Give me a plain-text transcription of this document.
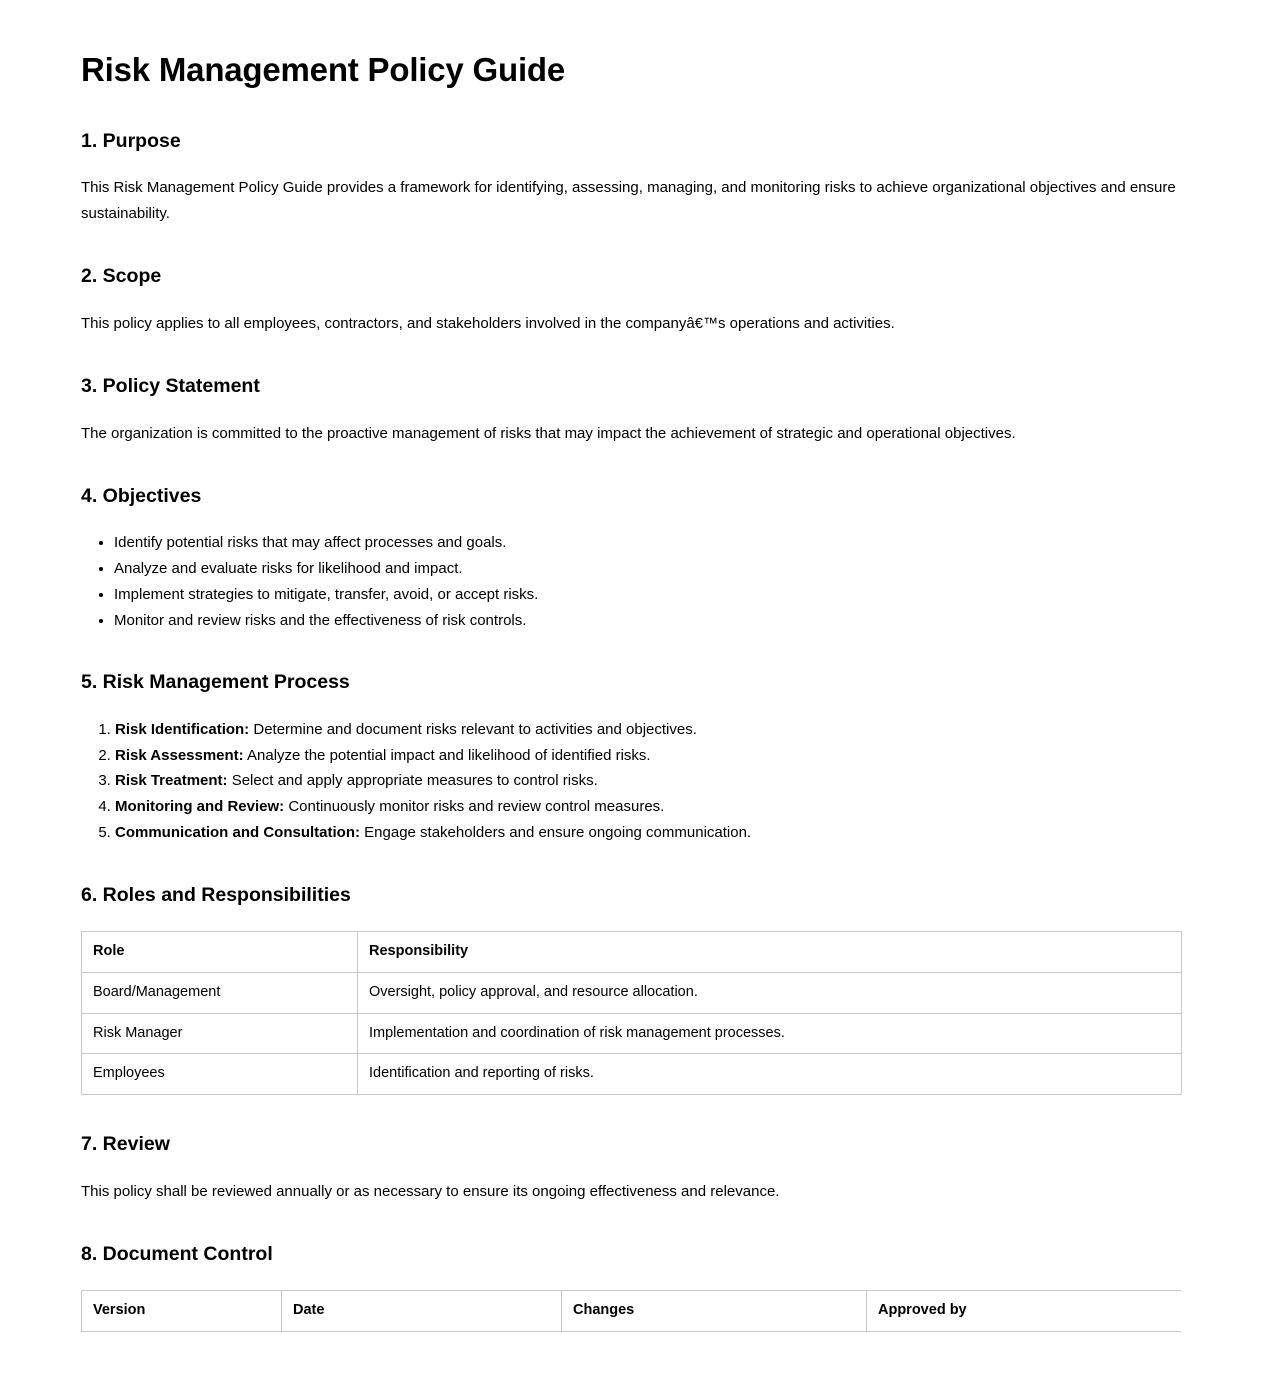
Risk Management Policy Guide
1. Purpose

This Risk Management Policy Guide provides a framework for identifying, assessing, managing, and monitoring risks to achieve organizational objectives and ensure sustainability.

2. Scope

This policy applies to all employees, contractors, and stakeholders involved in the companyâ€™s operations and activities.

3. Policy Statement

The organization is committed to the proactive management of risks that may impact the achievement of strategic and operational objectives.

4. Objectives
• Identify potential risks that may affect processes and goals.
• Analyze and evaluate risks for likelihood and impact.
• Implement strategies to mitigate, transfer, avoid, or accept risks.
• Monitor and review risks and the effectiveness of risk controls.
5. Risk Management Process
1. Risk Identification: Determine and document risks relevant to activities and objectives.
2. Risk Assessment: Analyze the potential impact and likelihood of identified risks.
3. Risk Treatment: Select and apply appropriate measures to control risks.
4. Monitoring and Review: Continuously monitor risks and review control measures.
5. Communication and Consultation: Engage stakeholders and ensure ongoing communication.
6. Roles and Responsibilities
Role	Responsibility
Board/Management	Oversight, policy approval, and resource allocation.
Risk Manager	Implementation and coordination of risk management processes.
Employees	Identification and reporting of risks.
7. Review

This policy shall be reviewed annually or as necessary to ensure its ongoing effectiveness and relevance.

8. Document Control
Version	Date	Changes	Approved by
